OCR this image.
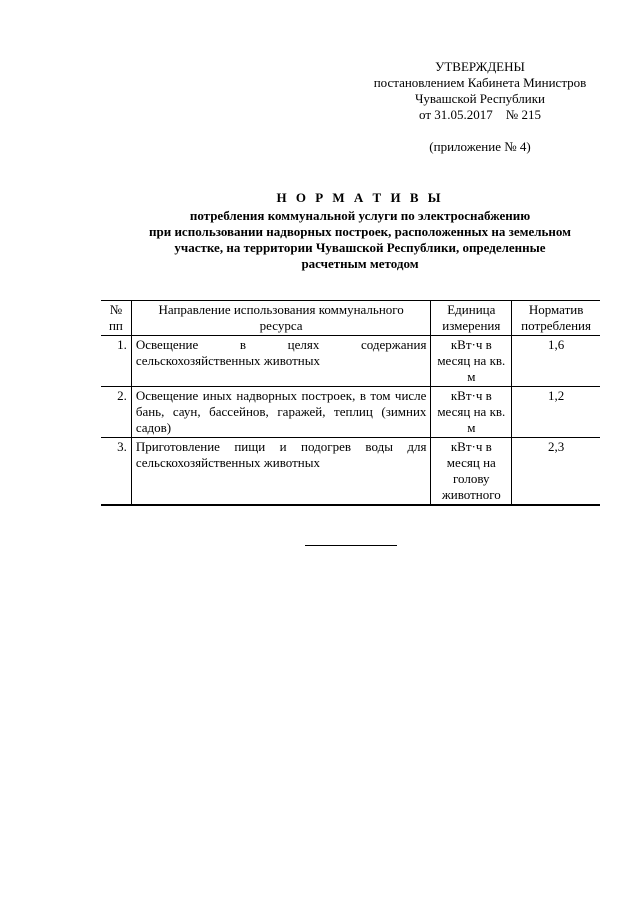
УТВЕРЖДЕНЫ
постановлением Кабинета Министров
Чувашской Республики
от 31.05.2017    № 215
(приложение № 4)
Н О Р М А Т И В Ы
потребления коммунальной услуги по электроснабжению
при использовании надворных построек, расположенных на земельном
участке, на территории Чувашской Республики, определенные
расчетным методом
№ пп	Направление использования коммунального ресурса	Единица измерения	Норматив потребления
1.	Освещение в целях содержания сельскохозяйственных животных	кВт·ч в месяц на кв. м	1,6
2.	Освещение иных надворных построек, в том числе бань, саун, бассейнов, гаражей, теплиц (зимних садов)	кВт·ч в месяц на кв. м	1,2
3.	Приготовление пищи и подогрев воды для сельскохозяйственных животных	кВт·ч в месяц на голову животного	2,3
